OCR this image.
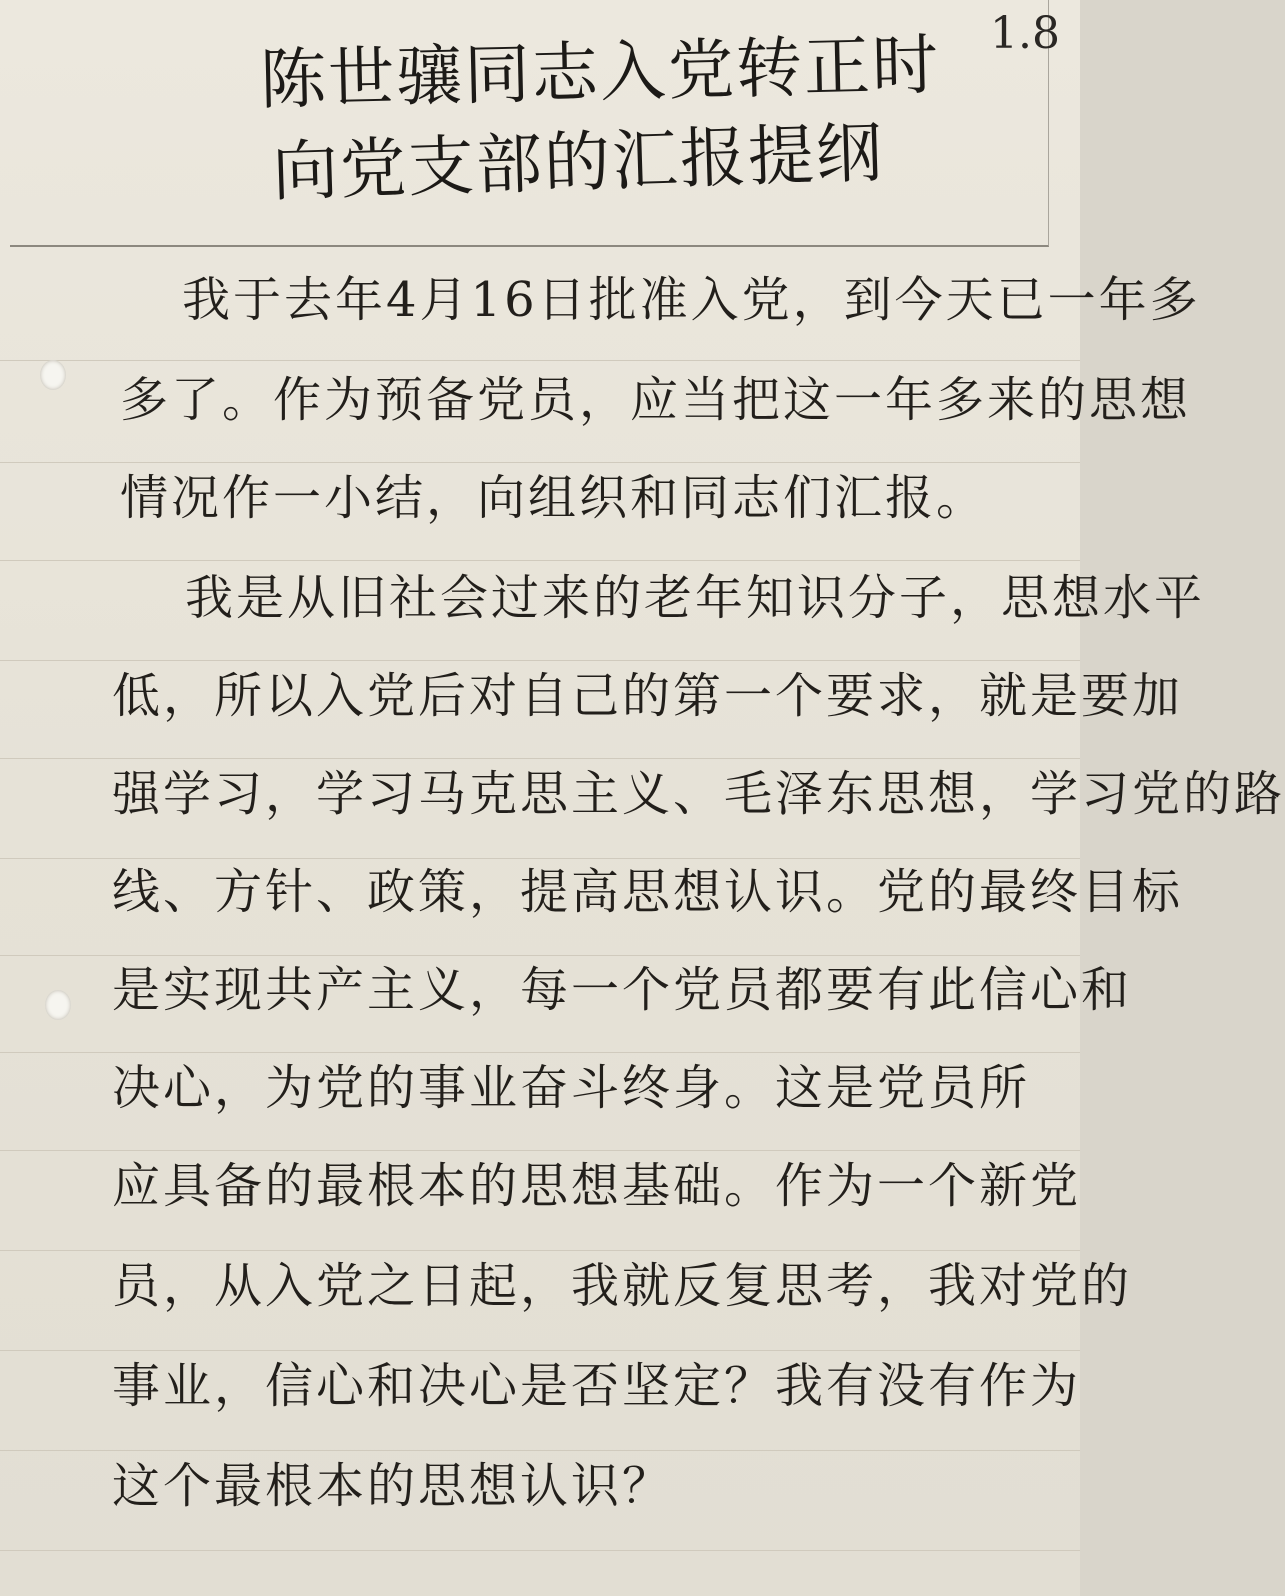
陈世骧同志入党转正时
向党支部的汇报提纲
1.8
我于去年4月16日批准入党，到今天已一年多
多了。作为预备党员，应当把这一年多来的思想
情况作一小结，向组织和同志们汇报。
我是从旧社会过来的老年知识分子，思想水平
低，所以入党后对自己的第一个要求，就是要加
强学习，学习马克思主义、毛泽东思想，学习党的路
线、方针、政策，提高思想认识。党的最终目标
是实现共产主义，每一个党员都要有此信心和
决心，为党的事业奋斗终身。这是党员所
应具备的最根本的思想基础。作为一个新党
员，从入党之日起，我就反复思考，我对党的
事业，信心和决心是否坚定？我有没有作为
这个最根本的思想认识？
